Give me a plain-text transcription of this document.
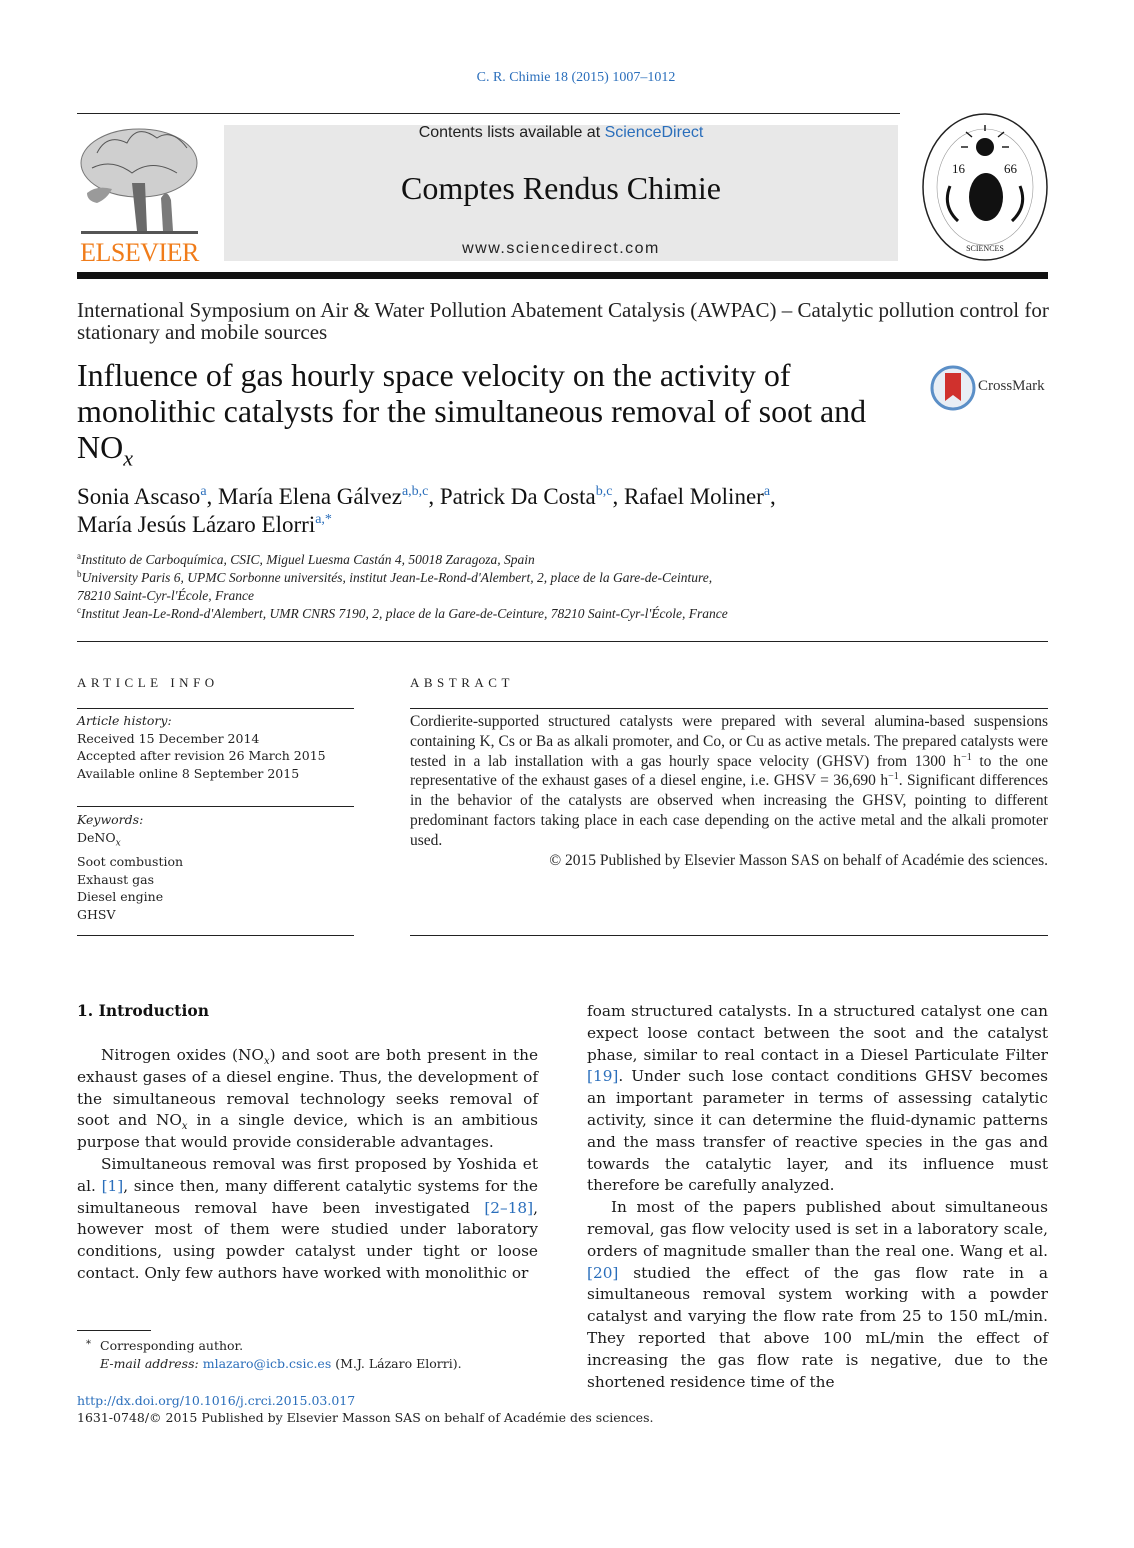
C. R. Chimie 18 (2015) 1007–1012
ELSEVIER
Contents lists available at ScienceDirect
Comptes Rendus Chimie
www.sciencedirect.com
16	66
SCIENCES
International Symposium on Air & Water Pollution Abatement Catalysis (AWPAC) – Catalytic pollution control for stationary and mobile sources
Influence of gas hourly space velocity on the activity of monolithic catalysts for the simultaneous removal of soot and $NO_x$
CrossMark
Sonia Ascaso$^a$, María Elena Gálvez$^{a,b,c}$, Patrick Da Costa$^{b,c}$, Rafael Moliner$^a$,
María Jesús Lázaro Elorri$^{a,*}$
$^a$Instituto de Carboquímica, CSIC, Miguel Luesma Castán 4, 50018 Zaragoza, Spain
$^b$University Paris 6, UPMC Sorbonne universités, institut Jean-Le-Rond-d'Alembert, 2, place de la Gare-de-Ceinture,
78210 Saint-Cyr-l'École, France
$^c$Institut Jean-Le-Rond-d'Alembert, UMR CNRS 7190, 2, place de la Gare-de-Ceinture, 78210 Saint-Cyr-l'École, France
ARTICLE INFO
Article history:
Received 15 December 2014
Accepted after revision 26 March 2015
Available online 8 September 2015
Keywords:
DeNO$_x$
Soot combustion
Exhaust gas
Diesel engine
GHSV
ABSTRACT
Cordierite-supported structured catalysts were prepared with several alumina-based suspensions containing K, Cs or Ba as alkali promoter, and Co, or Cu as active metals. The prepared catalysts were tested in a lab installation with a gas hourly space velocity (GHSV) from 1300 $h^{-1}$ to the one representative of the exhaust gases of a diesel engine, i.e. GHSV = 36,690 $h^{-1}$. Significant differences in the behavior of the catalysts are observed when increasing the GHSV, pointing to different predominant factors taking place in each case depending on the active metal and the alkali promoter used.
© 2015 Published by Elsevier Masson SAS on behalf of Académie des sciences.
1. Introduction

Nitrogen oxides $(NO_x)$ and soot are both present in the exhaust gases of a diesel engine. Thus, the development of the simultaneous removal technology seeks removal of soot and $NO_x$ in a single device, which is an ambitious purpose that would provide considerable advantages.

Simultaneous removal was first proposed by Yoshida et al. [1], since then, many different catalytic systems for the simultaneous removal have been investigated [2–18], however most of them were studied under laboratory conditions, using powder catalyst under tight or loose contact. Only few authors have worked with monolithic or

foam structured catalysts. In a structured catalyst one can expect loose contact between the soot and the catalyst phase, similar to real contact in a Diesel Particulate Filter [19]. Under such lose contact conditions GHSV becomes an important parameter in terms of assessing catalytic activity, since it can determine the fluid-dynamic patterns and the mass transfer of reactive species in the gas and towards the catalytic layer, and its influence must therefore be carefully analyzed.

In most of the papers published about simultaneous removal, gas flow velocity used is set in a laboratory scale, orders of magnitude smaller than the real one. Wang et al. [20] studied the effect of the gas flow rate in a simultaneous removal system working with a powder catalyst and varying the flow rate from 25 to 150 mL/min. They reported that above 100 mL/min the effect of increasing the gas flow rate is negative, due to the shortened residence time of the

* Corresponding author.
E-mail address: mlazaro@icb.csic.es (M.J. Lázaro Elorri).
http://dx.doi.org/10.1016/j.crci.2015.03.017
1631-0748/© 2015 Published by Elsevier Masson SAS on behalf of Académie des sciences.
